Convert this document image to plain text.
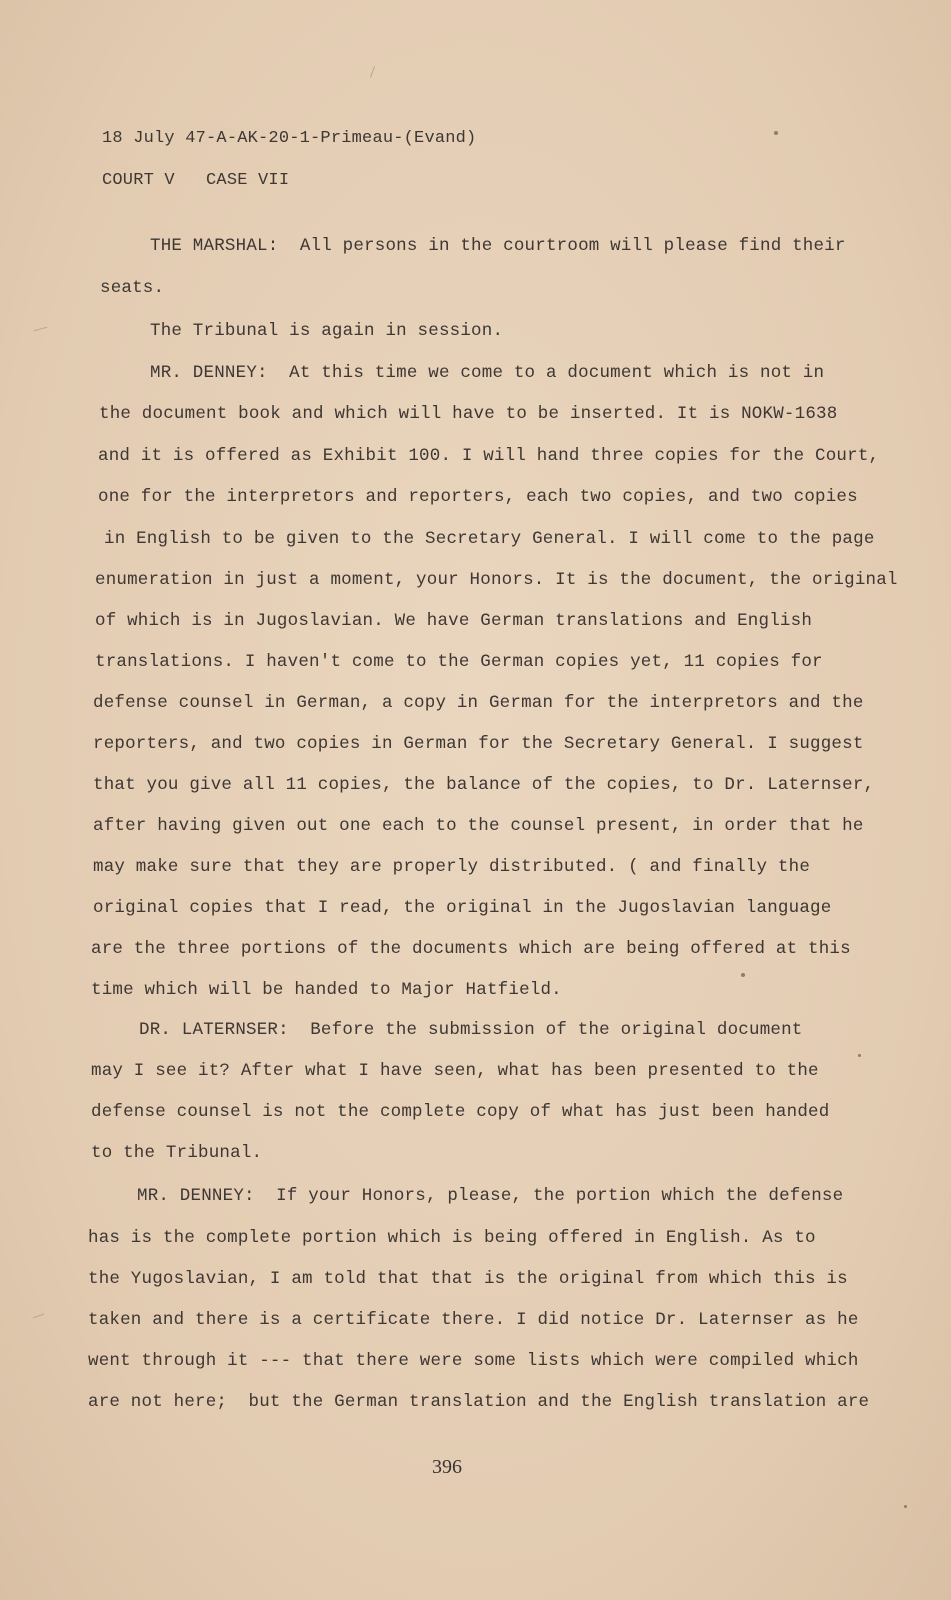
18 July 47-A-AK-20-1-Primeau-(Evand)
COURT V   CASE VII
THE MARSHAL:  All persons in the courtroom will please find their
seats.
The Tribunal is again in session.
MR. DENNEY:  At this time we come to a document which is not in
the document book and which will have to be inserted. It is NOKW-1638
and it is offered as Exhibit 100. I will hand three copies for the Court,
one for the interpretors and reporters, each two copies, and two copies
in English to be given to the Secretary General. I will come to the page
enumeration in just a moment, your Honors. It is the document, the original
of which is in Jugoslavian. We have German translations and English
translations. I haven't come to the German copies yet, 11 copies for
defense counsel in German, a copy in German for the interpretors and the
reporters, and two copies in German for the Secretary General. I suggest
that you give all 11 copies, the balance of the copies, to Dr. Laternser,
after having given out one each to the counsel present, in order that he
may make sure that they are properly distributed. ( and finally the
original copies that I read, the original in the Jugoslavian language
are the three portions of the documents which are being offered at this
time which will be handed to Major Hatfield.
DR. LATERNSER:  Before the submission of the original document
may I see it? After what I have seen, what has been presented to the
defense counsel is not the complete copy of what has just been handed
to the Tribunal.
MR. DENNEY:  If your Honors, please, the portion which the defense
has is the complete portion which is being offered in English. As to
the Yugoslavian, I am told that that is the original from which this is
taken and there is a certificate there. I did notice Dr. Laternser as he
went through it --- that there were some lists which were compiled which
are not here;  but the German translation and the English translation are
396
